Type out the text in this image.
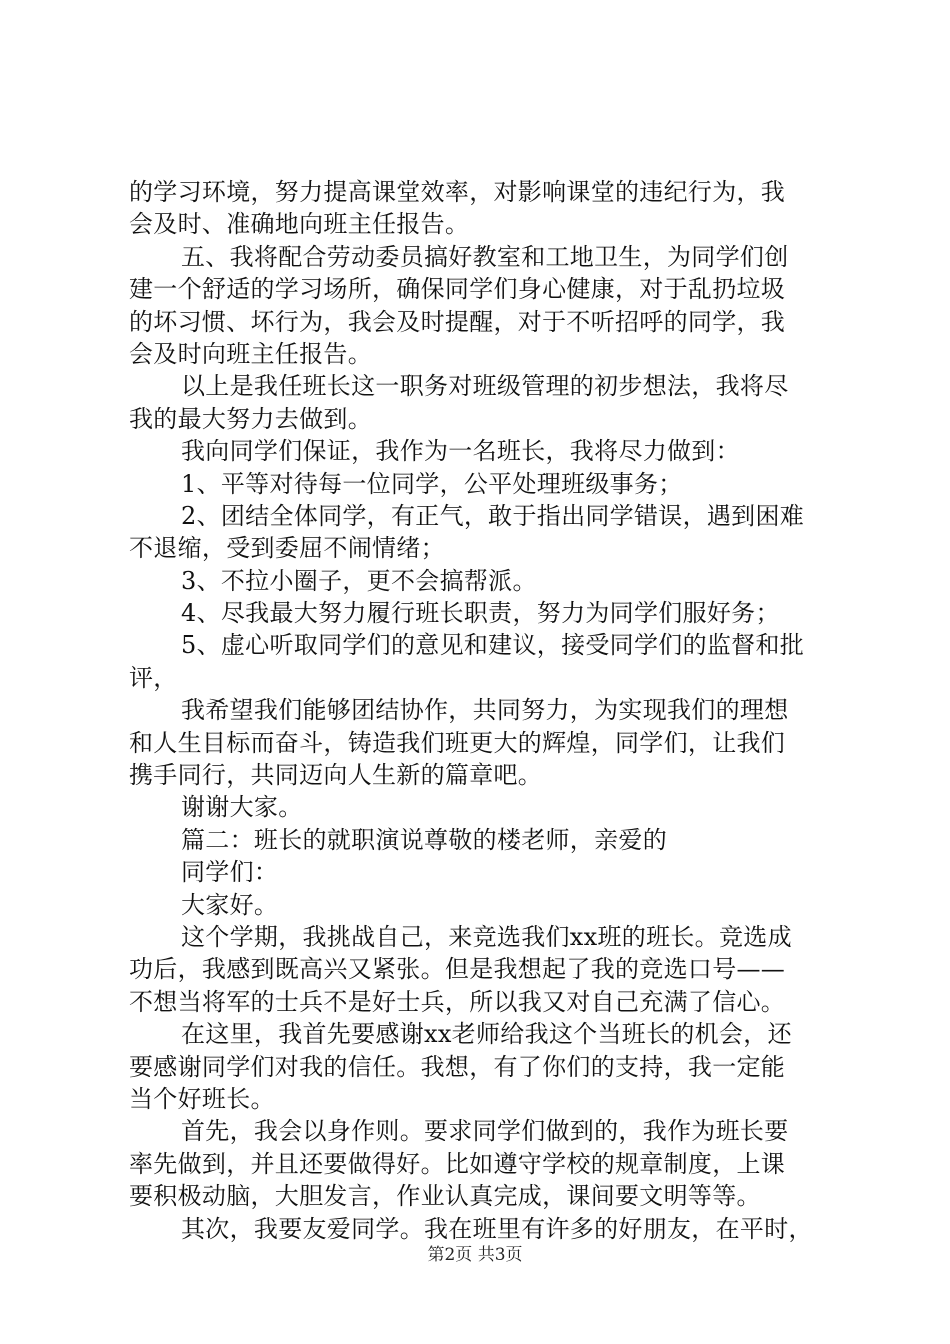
的学习环境，努力提高课堂效率，对影响课堂的违纪行为，我
会及时、准确地向班主任报告。
五、我将配合劳动委员搞好教室和工地卫生，为同学们创
建一个舒适的学习场所，确保同学们身心健康，对于乱扔垃圾
的坏习惯、坏行为，我会及时提醒，对于不听招呼的同学，我
会及时向班主任报告。
以上是我任班长这一职务对班级管理的初步想法，我将尽
我的最大努力去做到。
我向同学们保证，我作为一名班长，我将尽力做到：
1、平等对待每一位同学，公平处理班级事务；
2、团结全体同学，有正气，敢于指出同学错误，遇到困难
不退缩，受到委屈不闹情绪；
3、不拉小圈子，更不会搞帮派。
4、尽我最大努力履行班长职责，努力为同学们服好务；
5、虚心听取同学们的意见和建议，接受同学们的监督和批
评，
我希望我们能够团结协作，共同努力，为实现我们的理想
和人生目标而奋斗，铸造我们班更大的辉煌，同学们，让我们
携手同行，共同迈向人生新的篇章吧。
谢谢大家。
篇二：班长的就职演说尊敬的楼老师，亲爱的
同学们：
大家好。
这个学期，我挑战自己，来竞选我们xx班的班长。竞选成
功后，我感到既高兴又紧张。但是我想起了我的竞选口号——
不想当将军的士兵不是好士兵，所以我又对自己充满了信心。
在这里，我首先要感谢xx老师给我这个当班长的机会，还
要感谢同学们对我的信任。我想，有了你们的支持，我一定能
当个好班长。
首先，我会以身作则。要求同学们做到的，我作为班长要
率先做到，并且还要做得好。比如遵守学校的规章制度，上课
要积极动脑，大胆发言，作业认真完成，课间要文明等等。
其次，我要友爱同学。我在班里有许多的好朋友，在平时，
第2页 共3页
